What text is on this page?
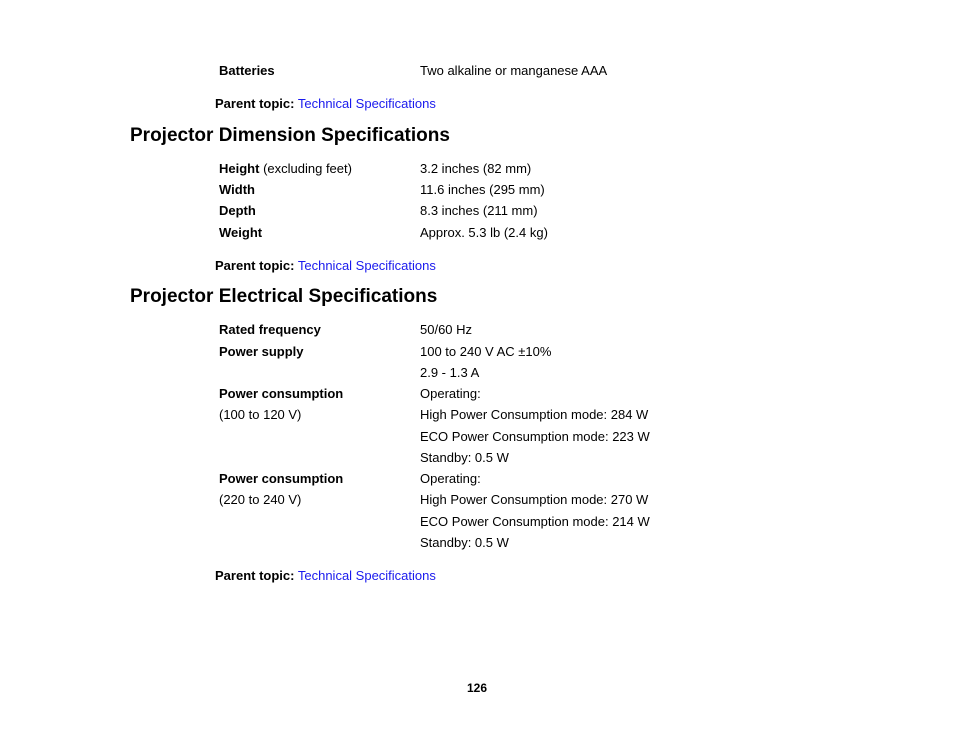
Batteries	Two alkaline or manganese AAA
Parent topic: Technical Specifications
Projector Dimension Specifications
Height (excluding feet)	3.2 inches (82 mm)
Width	11.6 inches (295 mm)
Depth	8.3 inches (211 mm)
Weight	Approx. 5.3 lb (2.4 kg)
Parent topic: Technical Specifications
Projector Electrical Specifications
Rated frequency	50/60 Hz
Power supply	100 to 240 V AC ±10%
2.9 - 1.3 A
Power consumption	Operating:
(100 to 120 V)	High Power Consumption mode: 284 W
ECO Power Consumption mode: 223 W
Standby: 0.5 W
Power consumption	Operating:
(220 to 240 V)	High Power Consumption mode: 270 W
ECO Power Consumption mode: 214 W
Standby: 0.5 W
Parent topic: Technical Specifications
126
